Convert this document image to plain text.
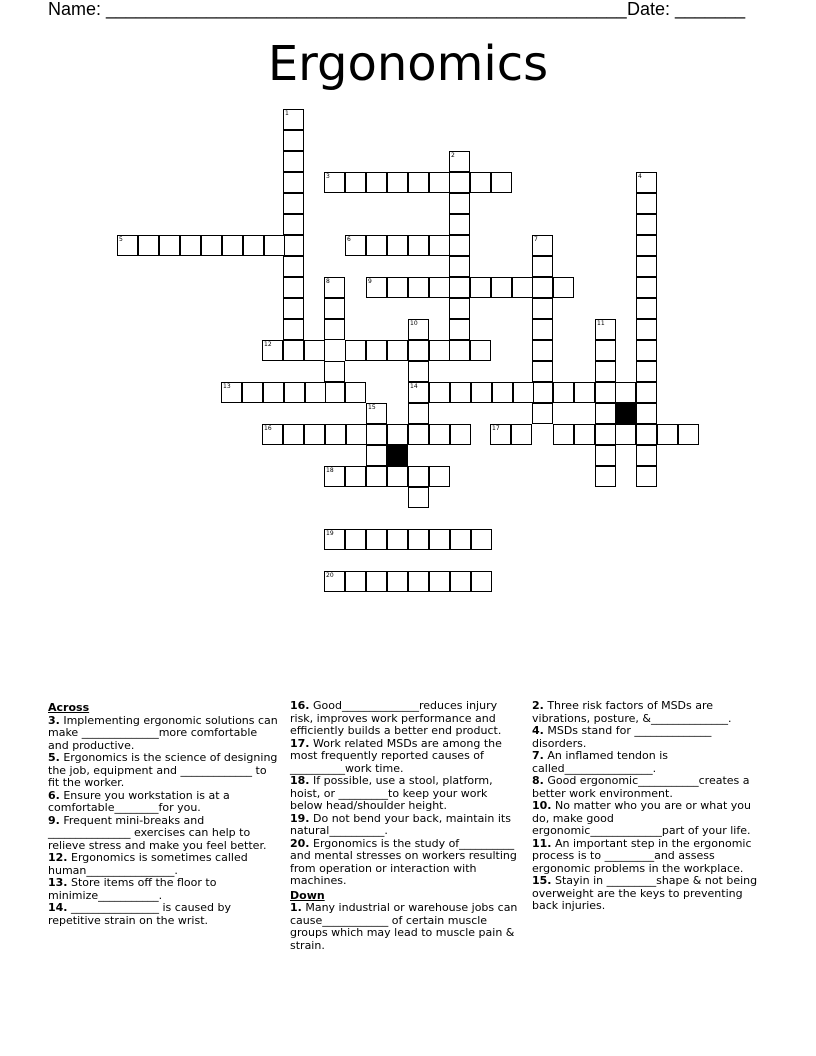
Name: ____________________________________________________ Date: _______
Ergonomics
1
2
3	4
5	6	7
8	9
10	11
12
13	14
15
16	17
18
19
20
Across
3. Implementing ergonomic solutions can make ______________more comfortable and productive.
5. Ergonomics is the science of designing the job, equipment and _____________ to fit the worker.
6. Ensure you workstation is at a comfortable________for you.
9. Frequent mini-breaks and _______________ exercises can help to relieve stress and make you feel better.
12. Ergonomics is sometimes called human________________.
13. Store items off the floor to minimize___________.
14. ________________ is caused by repetitive strain on the wrist.
16. Good______________reduces injury risk, improves work performance and efficiently builds a better end product.
17. Work related MSDs are among the most frequently reported causes of __________work time.
18. If possible, use a stool, platform, hoist, or _________to keep your work below head/shoulder height.
19. Do not bend your back, maintain its natural__________.
20. Ergonomics is the study of__________ and mental stresses on workers resulting from operation or interaction with machines.
Down
1. Many industrial or warehouse jobs can cause____________ of certain muscle groups which may lead to muscle pain & strain.
2. Three risk factors of MSDs are vibrations, posture, &______________.
4. MSDs stand for ______________ disorders.
7. An inflamed tendon is called________________.
8. Good ergonomic___________creates a better work environment.
10. No matter who you are or what you do, make good ergonomic_____________part of your life.
11. An important step in the ergonomic process is to _________and assess ergonomic problems in the workplace.
15. Stayin in _________shape & not being overweight are the keys to preventing back injuries.
